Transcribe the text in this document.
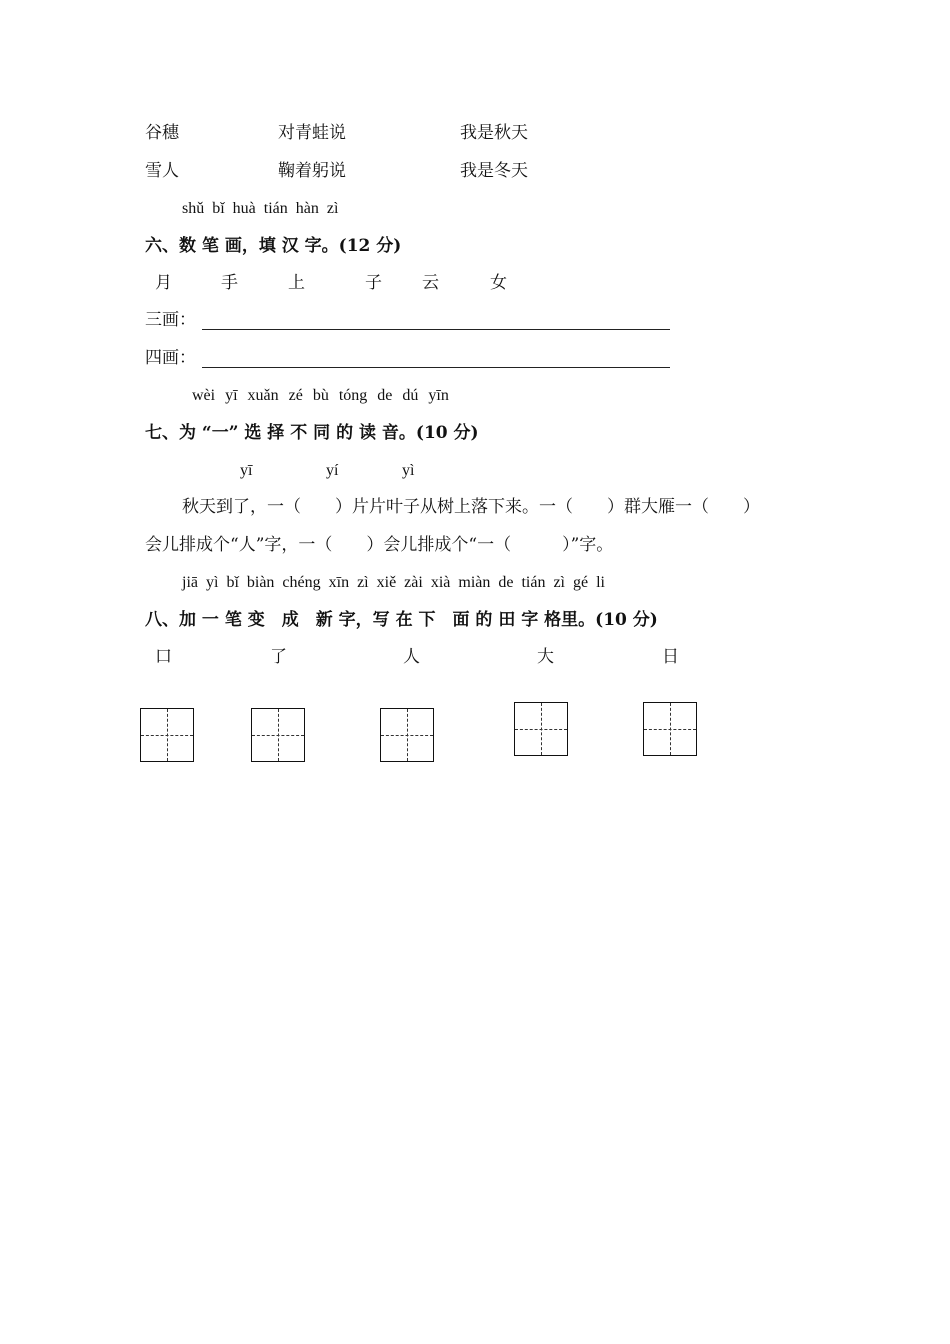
谷穗	对青蛙说	我是秋天
雪人	鞠着躬说	我是冬天
shǔ bǐ huà tián hàn zì
六、数 笔 画，填 汉 字。(12 分)
月	手	上	子 云	女
三画：
四画：
wèi yī xuǎn zé bù tóng de dú yīn
七、为 “一” 选 择 不 同 的 读 音。(10 分)
yī	yí	yì
秋天到了，一（　　）片片叶子从树上落下来。一（　　）群大雁一（　　）
会儿排成个“人”字，一（　　）会儿排成个“一（　　　）”字。
jiā yì bǐ biàn chéng xīn zì xiě zài xià miàn de tián zì gé li
八、加 一 笔 变　成　新 字，写 在 下　面 的 田 字 格里。(10 分)
口	了	人	大	日
